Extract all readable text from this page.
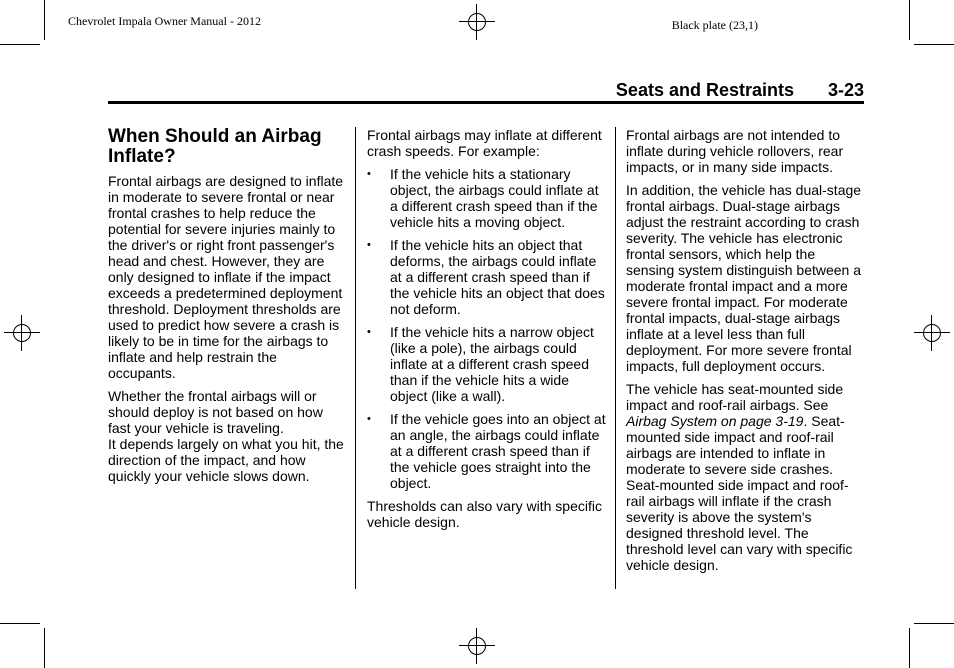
Chevrolet Impala Owner Manual - 2012	Black plate (23,1)
Seats and Restraints 3-23
When Should an Airbag Inflate?

Frontal airbags are designed to inflate in moderate to severe frontal or near frontal crashes to help reduce the potential for severe injuries mainly to the driver's or right front passenger's head and chest. However, they are only designed to inflate if the impact exceeds a predetermined deployment threshold. Deployment thresholds are used to predict how severe a crash is likely to be in time for the airbags to inflate and help restrain the occupants.

Whether the frontal airbags will or should deploy is not based on how fast your vehicle is traveling.

It depends largely on what you hit, the direction of the impact, and how quickly your vehicle slows down.

Frontal airbags may inflate at different crash speeds. For example:

• If the vehicle hits a stationary object, the airbags could inflate at a different crash speed than if the vehicle hits a moving object.
• If the vehicle hits an object that deforms, the airbags could inflate at a different crash speed than if the vehicle hits an object that does not deform.
• If the vehicle hits a narrow object (like a pole), the airbags could inflate at a different crash speed than if the vehicle hits a wide object (like a wall).
• If the vehicle goes into an object at an angle, the airbags could inflate at a different crash speed than if the vehicle goes straight into the object.

Thresholds can also vary with specific vehicle design.

Frontal airbags are not intended to inflate during vehicle rollovers, rear impacts, or in many side impacts.

In addition, the vehicle has dual-stage frontal airbags. Dual-stage airbags adjust the restraint according to crash severity. The vehicle has electronic frontal sensors, which help the sensing system distinguish between a moderate frontal impact and a more severe frontal impact. For moderate frontal impacts, dual-stage airbags inflate at a level less than full deployment. For more severe frontal impacts, full deployment occurs.

The vehicle has seat-mounted side impact and roof-rail airbags. See Airbag System on page 3-19. Seat-mounted side impact and roof-rail airbags are intended to inflate in moderate to severe side crashes. Seat-mounted side impact and roof-rail airbags will inflate if the crash severity is above the system's designed threshold level. The threshold level can vary with specific vehicle design.
